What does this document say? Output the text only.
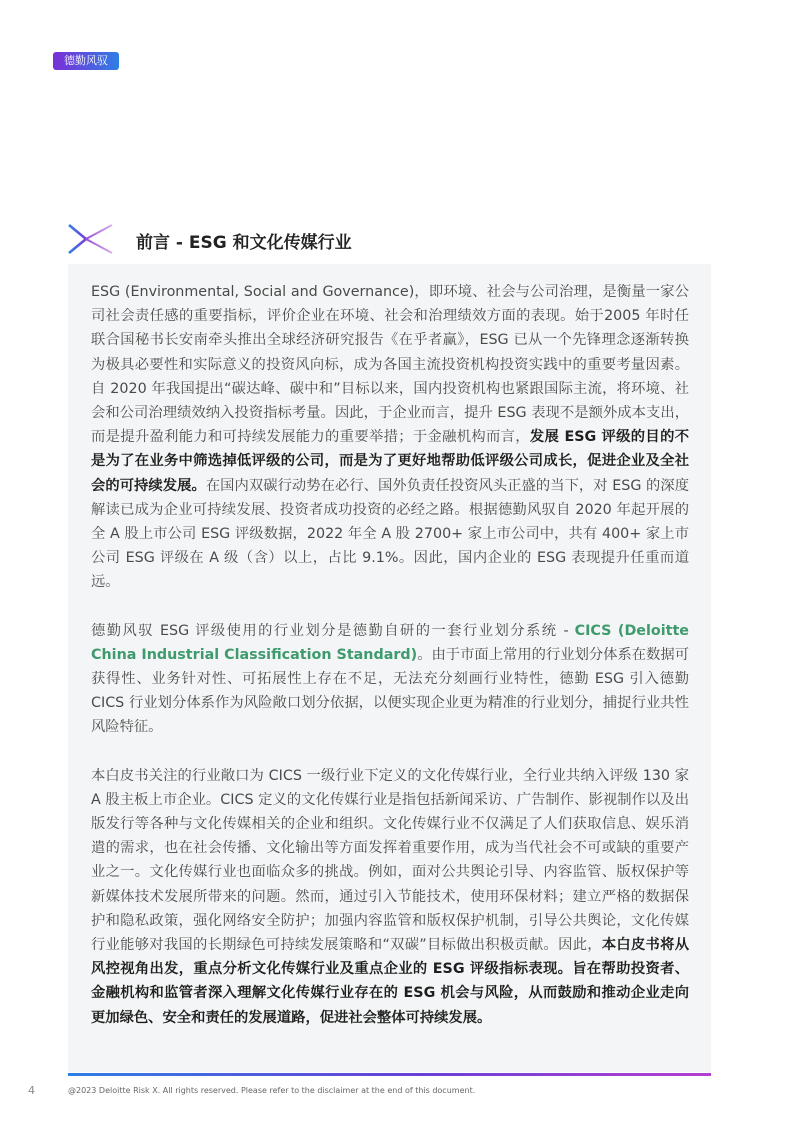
德勤风驭
前言 - ESG 和文化传媒行业

ESG (Environmental, Social and Governance)，即环境、社会与公司治理，是衡量一家公司社会责任感的重要指标，评价企业在环境、社会和治理绩效方面的表现。始于2005 年时任联合国秘书长安南牵头推出全球经济研究报告《在乎者赢》，ESG 已从一个先锋理念逐渐转换为极具必要性和实际意义的投资风向标，成为各国主流投资机构投资实践中的重要考量因素。自 2020 年我国提出“碳达峰、碳中和”目标以来，国内投资机构也紧跟国际主流，将环境、社会和公司治理绩效纳入投资指标考量。因此，于企业而言，提升 ESG 表现不是额外成本支出，而是提升盈利能力和可持续发展能力的重要举措；于金融机构而言，发展 ESG 评级的目的不是为了在业务中筛选掉低评级的公司，而是为了更好地帮助低评级公司成长，促进企业及全社会的可持续发展。在国内双碳行动势在必行、国外负责任投资风头正盛的当下，对 ESG 的深度解读已成为企业可持续发展、投资者成功投资的必经之路。根据德勤风驭自 2020 年起开展的全 A 股上市公司 ESG 评级数据，2022 年全 A 股 2700+ 家上市公司中，共有 400+ 家上市公司 ESG 评级在 A 级（含）以上，占比 9.1%。因此，国内企业的 ESG 表现提升任重而道远。

德勤风驭 ESG 评级使用的行业划分是德勤自研的一套行业划分系统 - CICS (Deloitte China Industrial Classification Standard)。由于市面上常用的行业划分体系在数据可获得性、业务针对性、可拓展性上存在不足，无法充分刻画行业特性，德勤 ESG 引入德勤 CICS 行业划分体系作为风险敞口划分依据，以便实现企业更为精准的行业划分，捕捉行业共性风险特征。

本白皮书关注的行业敞口为 CICS 一级行业下定义的文化传媒行业，全行业共纳入评级 130 家 A 股主板上市企业。CICS 定义的文化传媒行业是指包括新闻采访、广告制作、影视制作以及出版发行等各种与文化传媒相关的企业和组织。文化传媒行业不仅满足了人们获取信息、娱乐消遣的需求，也在社会传播、文化输出等方面发挥着重要作用，成为当代社会不可或缺的重要产业之一。文化传媒行业也面临众多的挑战。例如，面对公共舆论引导、内容监管、版权保护等新媒体技术发展所带来的问题。然而，通过引入节能技术，使用环保材料；建立严格的数据保护和隐私政策，强化网络安全防护；加强内容监管和版权保护机制，引导公共舆论，文化传媒行业能够对我国的长期绿色可持续发展策略和“双碳”目标做出积极贡献。因此，本白皮书将从风控视角出发，重点分析文化传媒行业及重点企业的 ESG 评级指标表现。旨在帮助投资者、金融机构和监管者深入理解文化传媒行业存在的 ESG 机会与风险，从而鼓励和推动企业走向更加绿色、安全和责任的发展道路，促进社会整体可持续发展。

4	@2023 Deloitte Risk X. All rights reserved. Please refer to the disclaimer at the end of this document.
